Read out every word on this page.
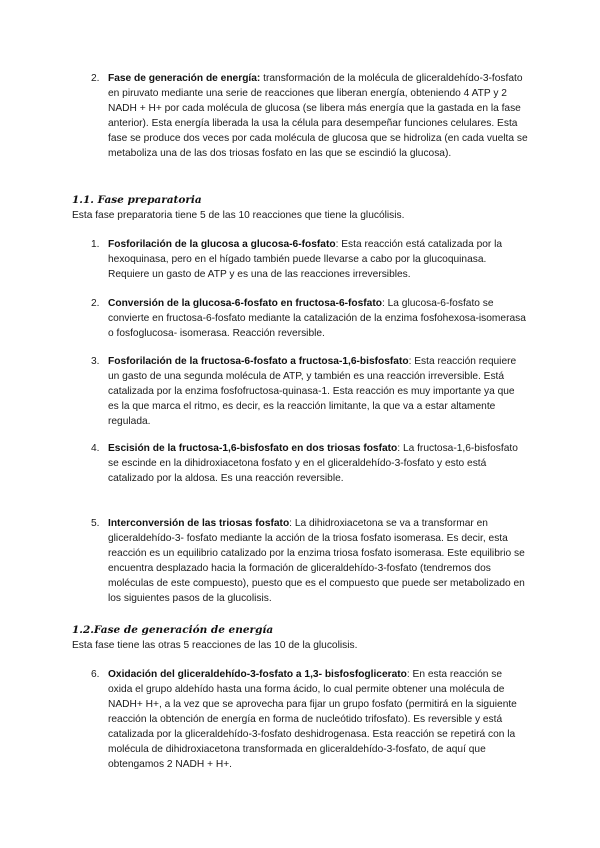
2. Fase de generación de energía: transformación de la molécula de gliceraldehído-3-fosfato en piruvato mediante una serie de reacciones que liberan energía, obteniendo 4 ATP y 2 NADH + H+ por cada molécula de glucosa (se libera más energía que la gastada en la fase anterior). Esta energía liberada la usa la célula para desempeñar funciones celulares. Esta fase se produce dos veces por cada molécula de glucosa que se hidroliza (en cada vuelta se metaboliza una de las dos triosas fosfato en las que se escindió la glucosa).
1.1. Fase preparatoria
Esta fase preparatoria tiene 5 de las 10 reacciones que tiene la glucólisis.
1. Fosforilación de la glucosa a glucosa-6-fosfato: Esta reacción está catalizada por la hexoquinasa, pero en el hígado también puede llevarse a cabo por la glucoquinasa. Requiere un gasto de ATP y es una de las reacciones irreversibles.
2. Conversión de la glucosa-6-fosfato en fructosa-6-fosfato: La glucosa-6-fosfato se convierte en fructosa-6-fosfato mediante la catalización de la enzima fosfohexosa-isomerasa o fosfoglucosa- isomerasa. Reacción reversible.
3. Fosforilación de la fructosa-6-fosfato a fructosa-1,6-bisfosfato: Esta reacción requiere un gasto de una segunda molécula de ATP, y también es una reacción irreversible. Está catalizada por la enzima fosfofructosa-quinasa-1. Esta reacción es muy importante ya que es la que marca el ritmo, es decir, es la reacción limitante, la que va a estar altamente regulada.
4. Escisión de la fructosa-1,6-bisfosfato en dos triosas fosfato: La fructosa-1,6-bisfosfato se escinde en la dihidroxiacetona fosfato y en el gliceraldehído-3-fosfato y esto está catalizado por la aldosa. Es una reacción reversible.
5. Interconversión de las triosas fosfato: La dihidroxiacetona se va a transformar en gliceraldehído-3- fosfato mediante la acción de la triosa fosfato isomerasa. Es decir, esta reacción es un equilibrio catalizado por la enzima triosa fosfato isomerasa. Este equilibrio se encuentra desplazado hacia la formación de gliceraldehído-3-fosfato (tendremos dos moléculas de este compuesto), puesto que es el compuesto que puede ser metabolizado en los siguientes pasos de la glucolisis.
1.2.Fase de generación de energía
Esta fase tiene las otras 5 reacciones de las 10 de la glucolisis.
6. Oxidación del gliceraldehído-3-fosfato a 1,3- bisfosfoglicerato: En esta reacción se oxida el grupo aldehído hasta una forma ácido, lo cual permite obtener una molécula de NADH+ H+, a la vez que se aprovecha para fijar un grupo fosfato (permitirá en la siguiente reacción la obtención de energía en forma de nucleótido trifosfato). Es reversible y está catalizada por la gliceraldehído-3-fosfato deshidrogenasa. Esta reacción se repetirá con la molécula de dihidroxiacetona transformada en gliceraldehído-3-fosfato, de aquí que obtengamos 2 NADH + H+.
